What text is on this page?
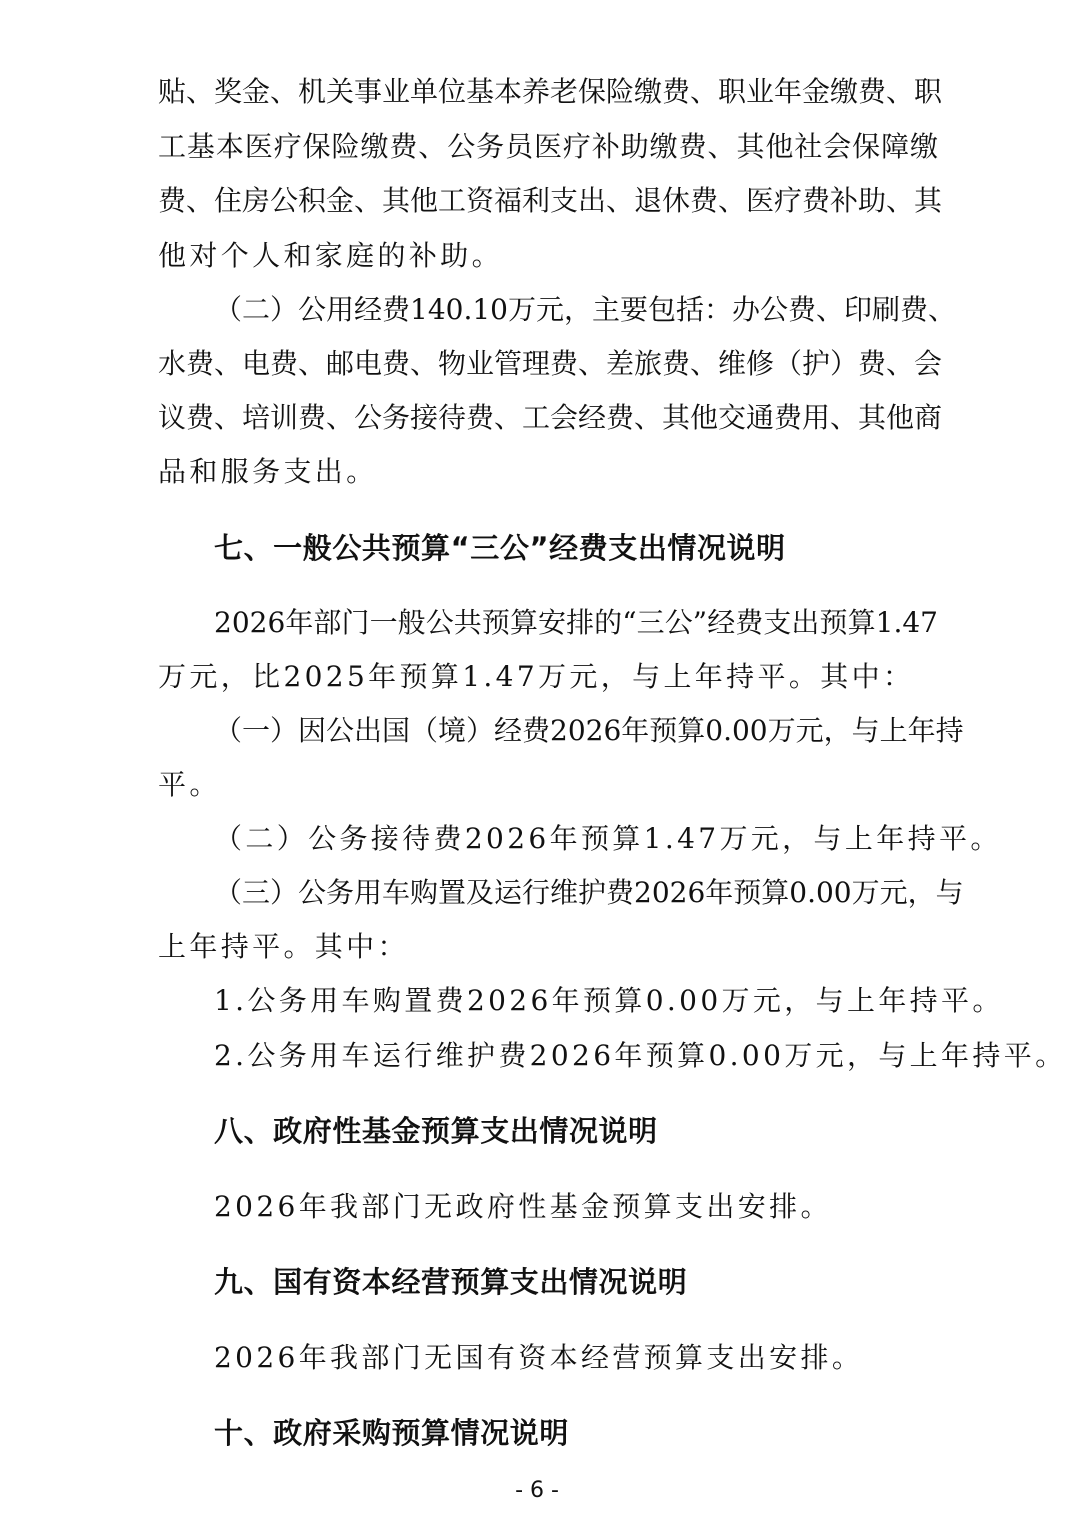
贴、奖金、机关事业单位基本养老保险缴费、职业年金缴费、职
工基本医疗保险缴费、公务员医疗补助缴费、其他社会保障缴
费、住房公积金、其他工资福利支出、退休费、医疗费补助、其
他对个人和家庭的补助。
（二）公用经费140.10万元，主要包括：办公费、印刷费、
水费、电费、邮电费、物业管理费、差旅费、维修（护）费、会
议费、培训费、公务接待费、工会经费、其他交通费用、其他商
品和服务支出。
七、一般公共预算“三公”经费支出情况说明
2026年部门一般公共预算安排的“三公”经费支出预算1.47
万元，比2025年预算1.47万元，与上年持平。其中：
（一）因公出国（境）经费2026年预算0.00万元，与上年持
平。
（二）公务接待费2026年预算1.47万元，与上年持平。
（三）公务用车购置及运行维护费2026年预算0.00万元，与
上年持平。其中：
1.公务用车购置费2026年预算0.00万元，与上年持平。
2.公务用车运行维护费2026年预算0.00万元，与上年持平。
八、政府性基金预算支出情况说明
2026年我部门无政府性基金预算支出安排。
九、国有资本经营预算支出情况说明
2026年我部门无国有资本经营预算支出安排。
十、政府采购预算情况说明
- 6 -
